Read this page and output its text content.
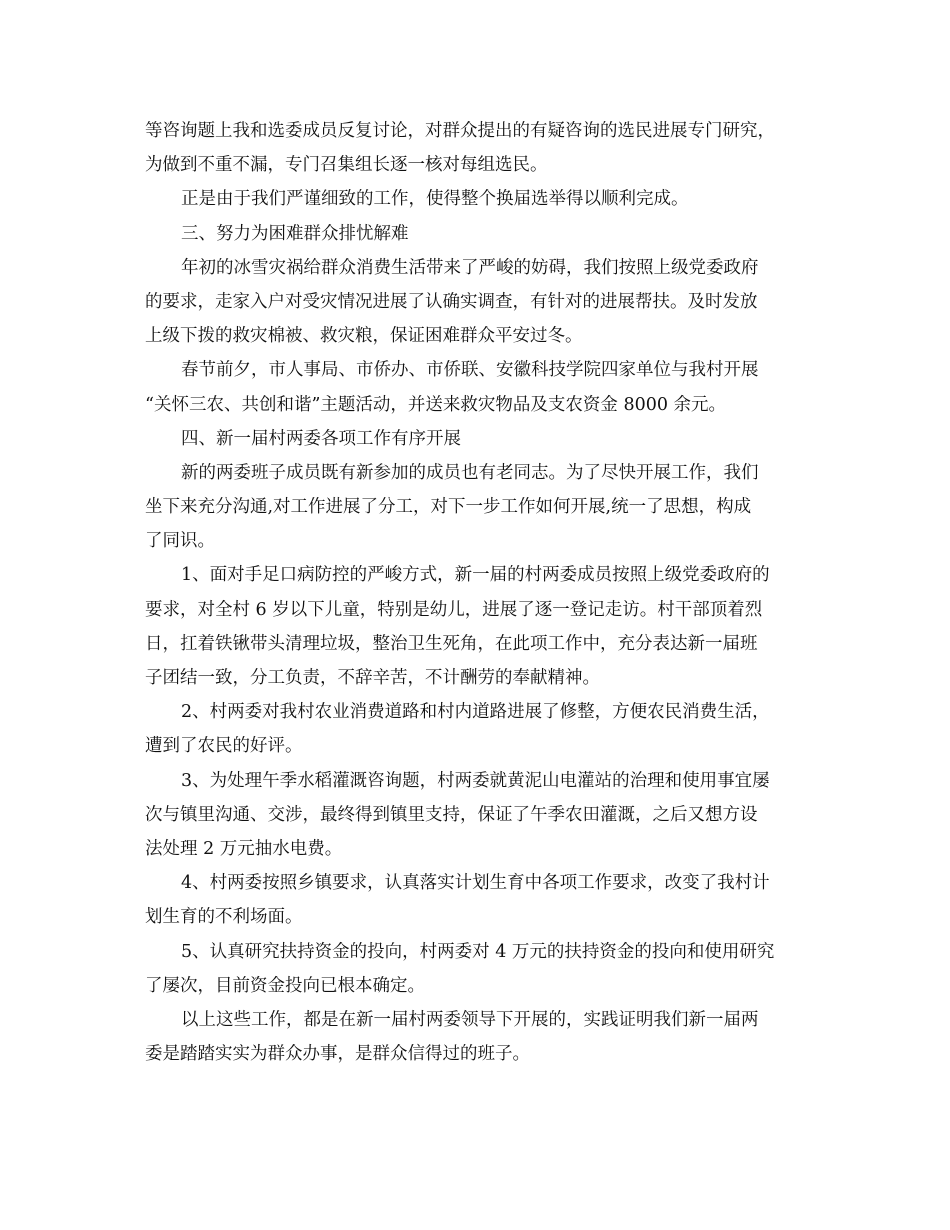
等咨询题上我和选委成员反复讨论，对群众提出的有疑咨询的选民进展专门研究，
为做到不重不漏，专门召集组长逐一核对每组选民。
正是由于我们严谨细致的工作，使得整个换届选举得以顺利完成。
三、努力为困难群众排忧解难
年初的冰雪灾祸给群众消费生活带来了严峻的妨碍，我们按照上级党委政府
的要求，走家入户对受灾情况进展了认确实调查，有针对的进展帮扶。及时发放
上级下拨的救灾棉被、救灾粮，保证困难群众平安过冬。
春节前夕，市人事局、市侨办、市侨联、安徽科技学院四家单位与我村开展
“关怀三农、共创和谐”主题活动，并送来救灾物品及支农资金 8000 余元。
四、新一届村两委各项工作有序开展
新的两委班子成员既有新参加的成员也有老同志。为了尽快开展工作，我们
坐下来充分沟通,对工作进展了分工，对下一步工作如何开展,统一了思想，构成
了同识。
1、面对手足口病防控的严峻方式，新一届的村两委成员按照上级党委政府的
要求，对全村 6 岁以下儿童，特别是幼儿，进展了逐一登记走访。村干部顶着烈
日，扛着铁锹带头清理垃圾，整治卫生死角，在此项工作中，充分表达新一届班
子团结一致，分工负责，不辞辛苦，不计酬劳的奉献精神。
2、村两委对我村农业消费道路和村内道路进展了修整，方便农民消费生活，
遭到了农民的好评。
3、为处理午季水稻灌溉咨询题，村两委就黄泥山电灌站的治理和使用事宜屡
次与镇里沟通、交涉，最终得到镇里支持，保证了午季农田灌溉，之后又想方设
法处理 2 万元抽水电费。
4、村两委按照乡镇要求，认真落实计划生育中各项工作要求，改变了我村计
划生育的不利场面。
5、认真研究扶持资金的投向，村两委对 4 万元的扶持资金的投向和使用研究
了屡次，目前资金投向已根本确定。
以上这些工作，都是在新一届村两委领导下开展的，实践证明我们新一届两
委是踏踏实实为群众办事，是群众信得过的班子。
